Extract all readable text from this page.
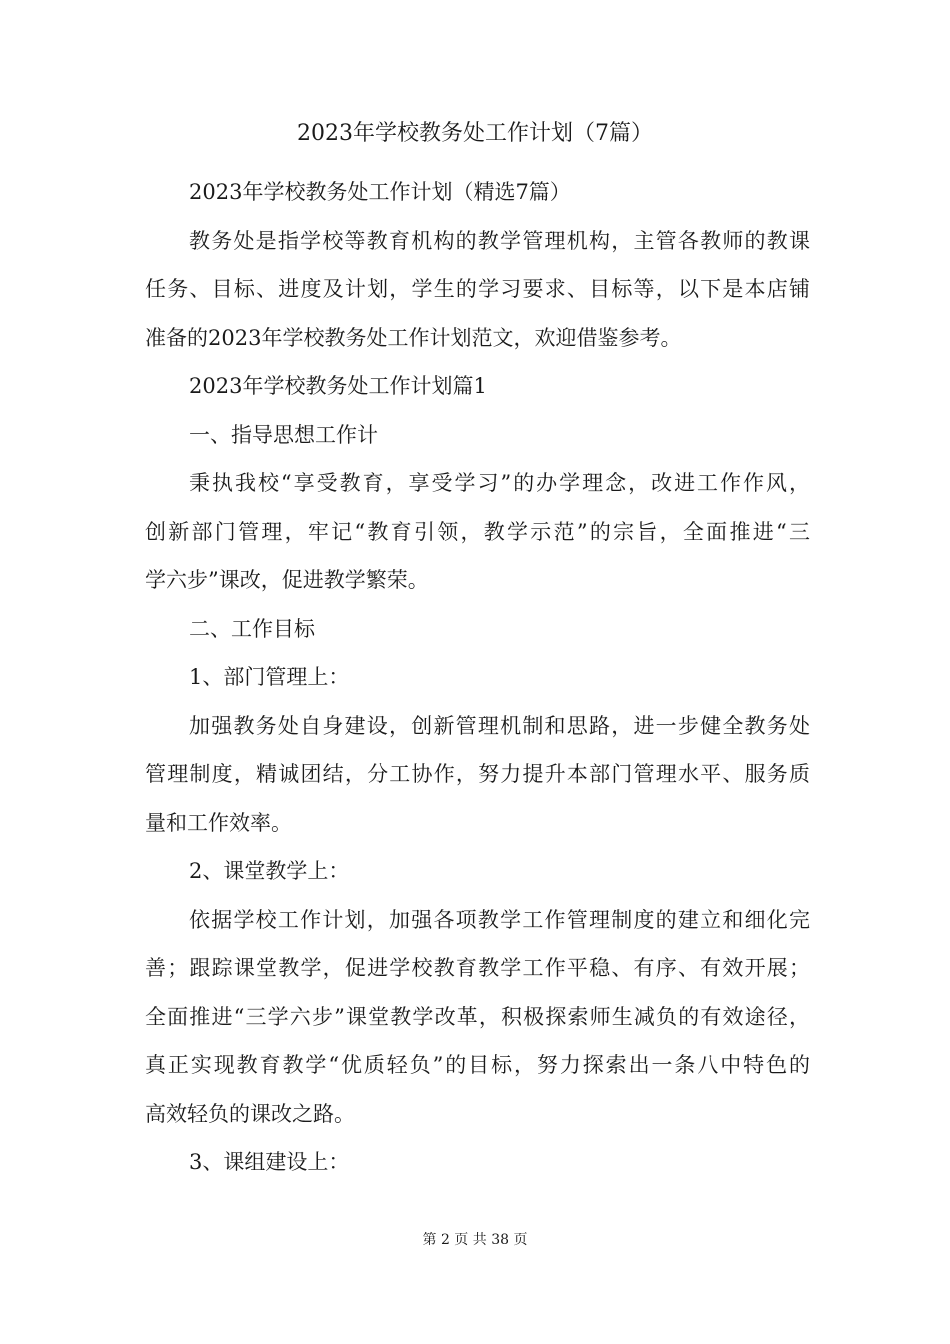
2023年学校教务处工作计划（7篇）
2023年学校教务处工作计划（精选7篇）
教务处是指学校等教育机构的教学管理机构，主管各教师的教课
任务、目标、进度及计划，学生的学习要求、目标等，以下是本店铺
准备的2023年学校教务处工作计划范文，欢迎借鉴参考。
2023年学校教务处工作计划篇1
一、指导思想工作计
秉执我校“享受教育，享受学习”的办学理念，改进工作作风，
创新部门管理，牢记“教育引领，教学示范”的宗旨，全面推进“三
学六步”课改，促进教学繁荣。
二、工作目标
1、部门管理上：
加强教务处自身建设，创新管理机制和思路，进一步健全教务处
管理制度，精诚团结，分工协作，努力提升本部门管理水平、服务质
量和工作效率。
2、课堂教学上：
依据学校工作计划，加强各项教学工作管理制度的建立和细化完
善；跟踪课堂教学，促进学校教育教学工作平稳、有序、有效开展；
全面推进“三学六步”课堂教学改革，积极探索师生减负的有效途径，
真正实现教育教学“优质轻负”的目标，努力探索出一条八中特色的
高效轻负的课改之路。
3、课组建设上：
第 2 页 共 38 页
